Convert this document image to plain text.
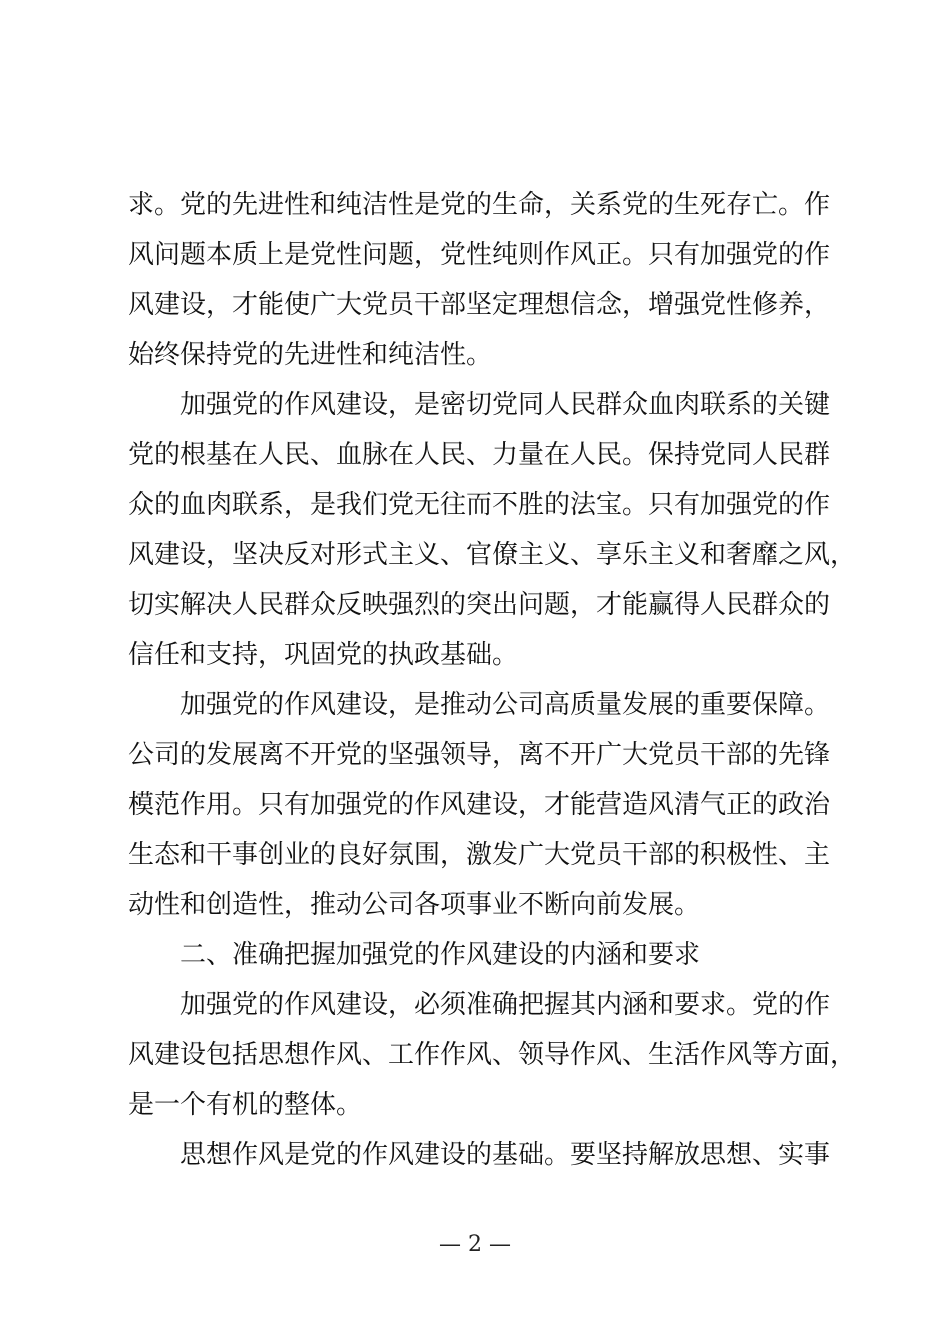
求。党的先进性和纯洁性是党的生命，关系党的生死存亡。作
风问题本质上是党性问题，党性纯则作风正。只有加强党的作
风建设，才能使广大党员干部坚定理想信念，增强党性修养，
始终保持党的先进性和纯洁性。
加强党的作风建设，是密切党同人民群众血肉联系的关键
党的根基在人民、血脉在人民、力量在人民。保持党同人民群
众的血肉联系，是我们党无往而不胜的法宝。只有加强党的作
风建设，坚决反对形式主义、官僚主义、享乐主义和奢靡之风，
切实解决人民群众反映强烈的突出问题，才能赢得人民群众的
信任和支持，巩固党的执政基础。
加强党的作风建设，是推动公司高质量发展的重要保障。
公司的发展离不开党的坚强领导，离不开广大党员干部的先锋
模范作用。只有加强党的作风建设，才能营造风清气正的政治
生态和干事创业的良好氛围，激发广大党员干部的积极性、主
动性和创造性，推动公司各项事业不断向前发展。
二、准确把握加强党的作风建设的内涵和要求
加强党的作风建设，必须准确把握其内涵和要求。党的作
风建设包括思想作风、工作作风、领导作风、生活作风等方面，
是一个有机的整体。
思想作风是党的作风建设的基础。要坚持解放思想、实事
— 2 —
